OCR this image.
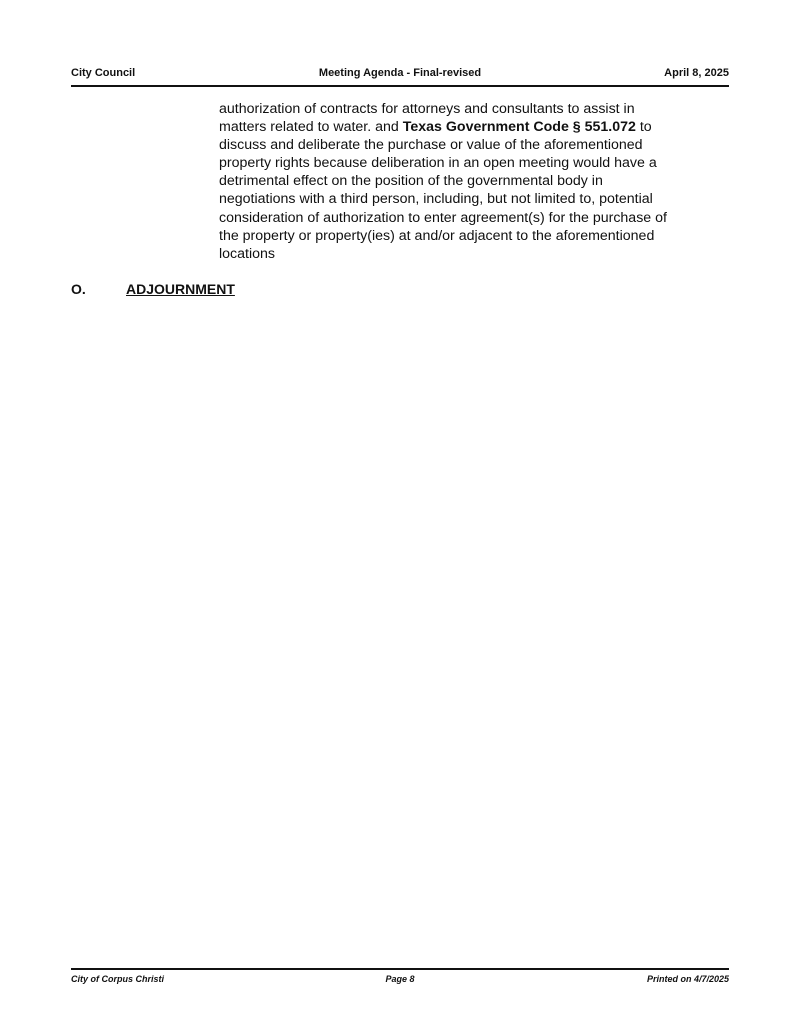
City Council	Meeting Agenda - Final-revised	April 8, 2025
authorization of contracts for attorneys and consultants to assist in matters related to water. and Texas Government Code § 551.072 to discuss and deliberate the purchase or value of the aforementioned property rights because deliberation in an open meeting would have a detrimental effect on the position of the governmental body in negotiations with a third person, including, but not limited to, potential consideration of authorization to enter agreement(s) for the purchase of the property or property(ies) at and/or adjacent to the aforementioned locations
O.	ADJOURNMENT
City of Corpus Christi	Page 8	Printed on 4/7/2025
